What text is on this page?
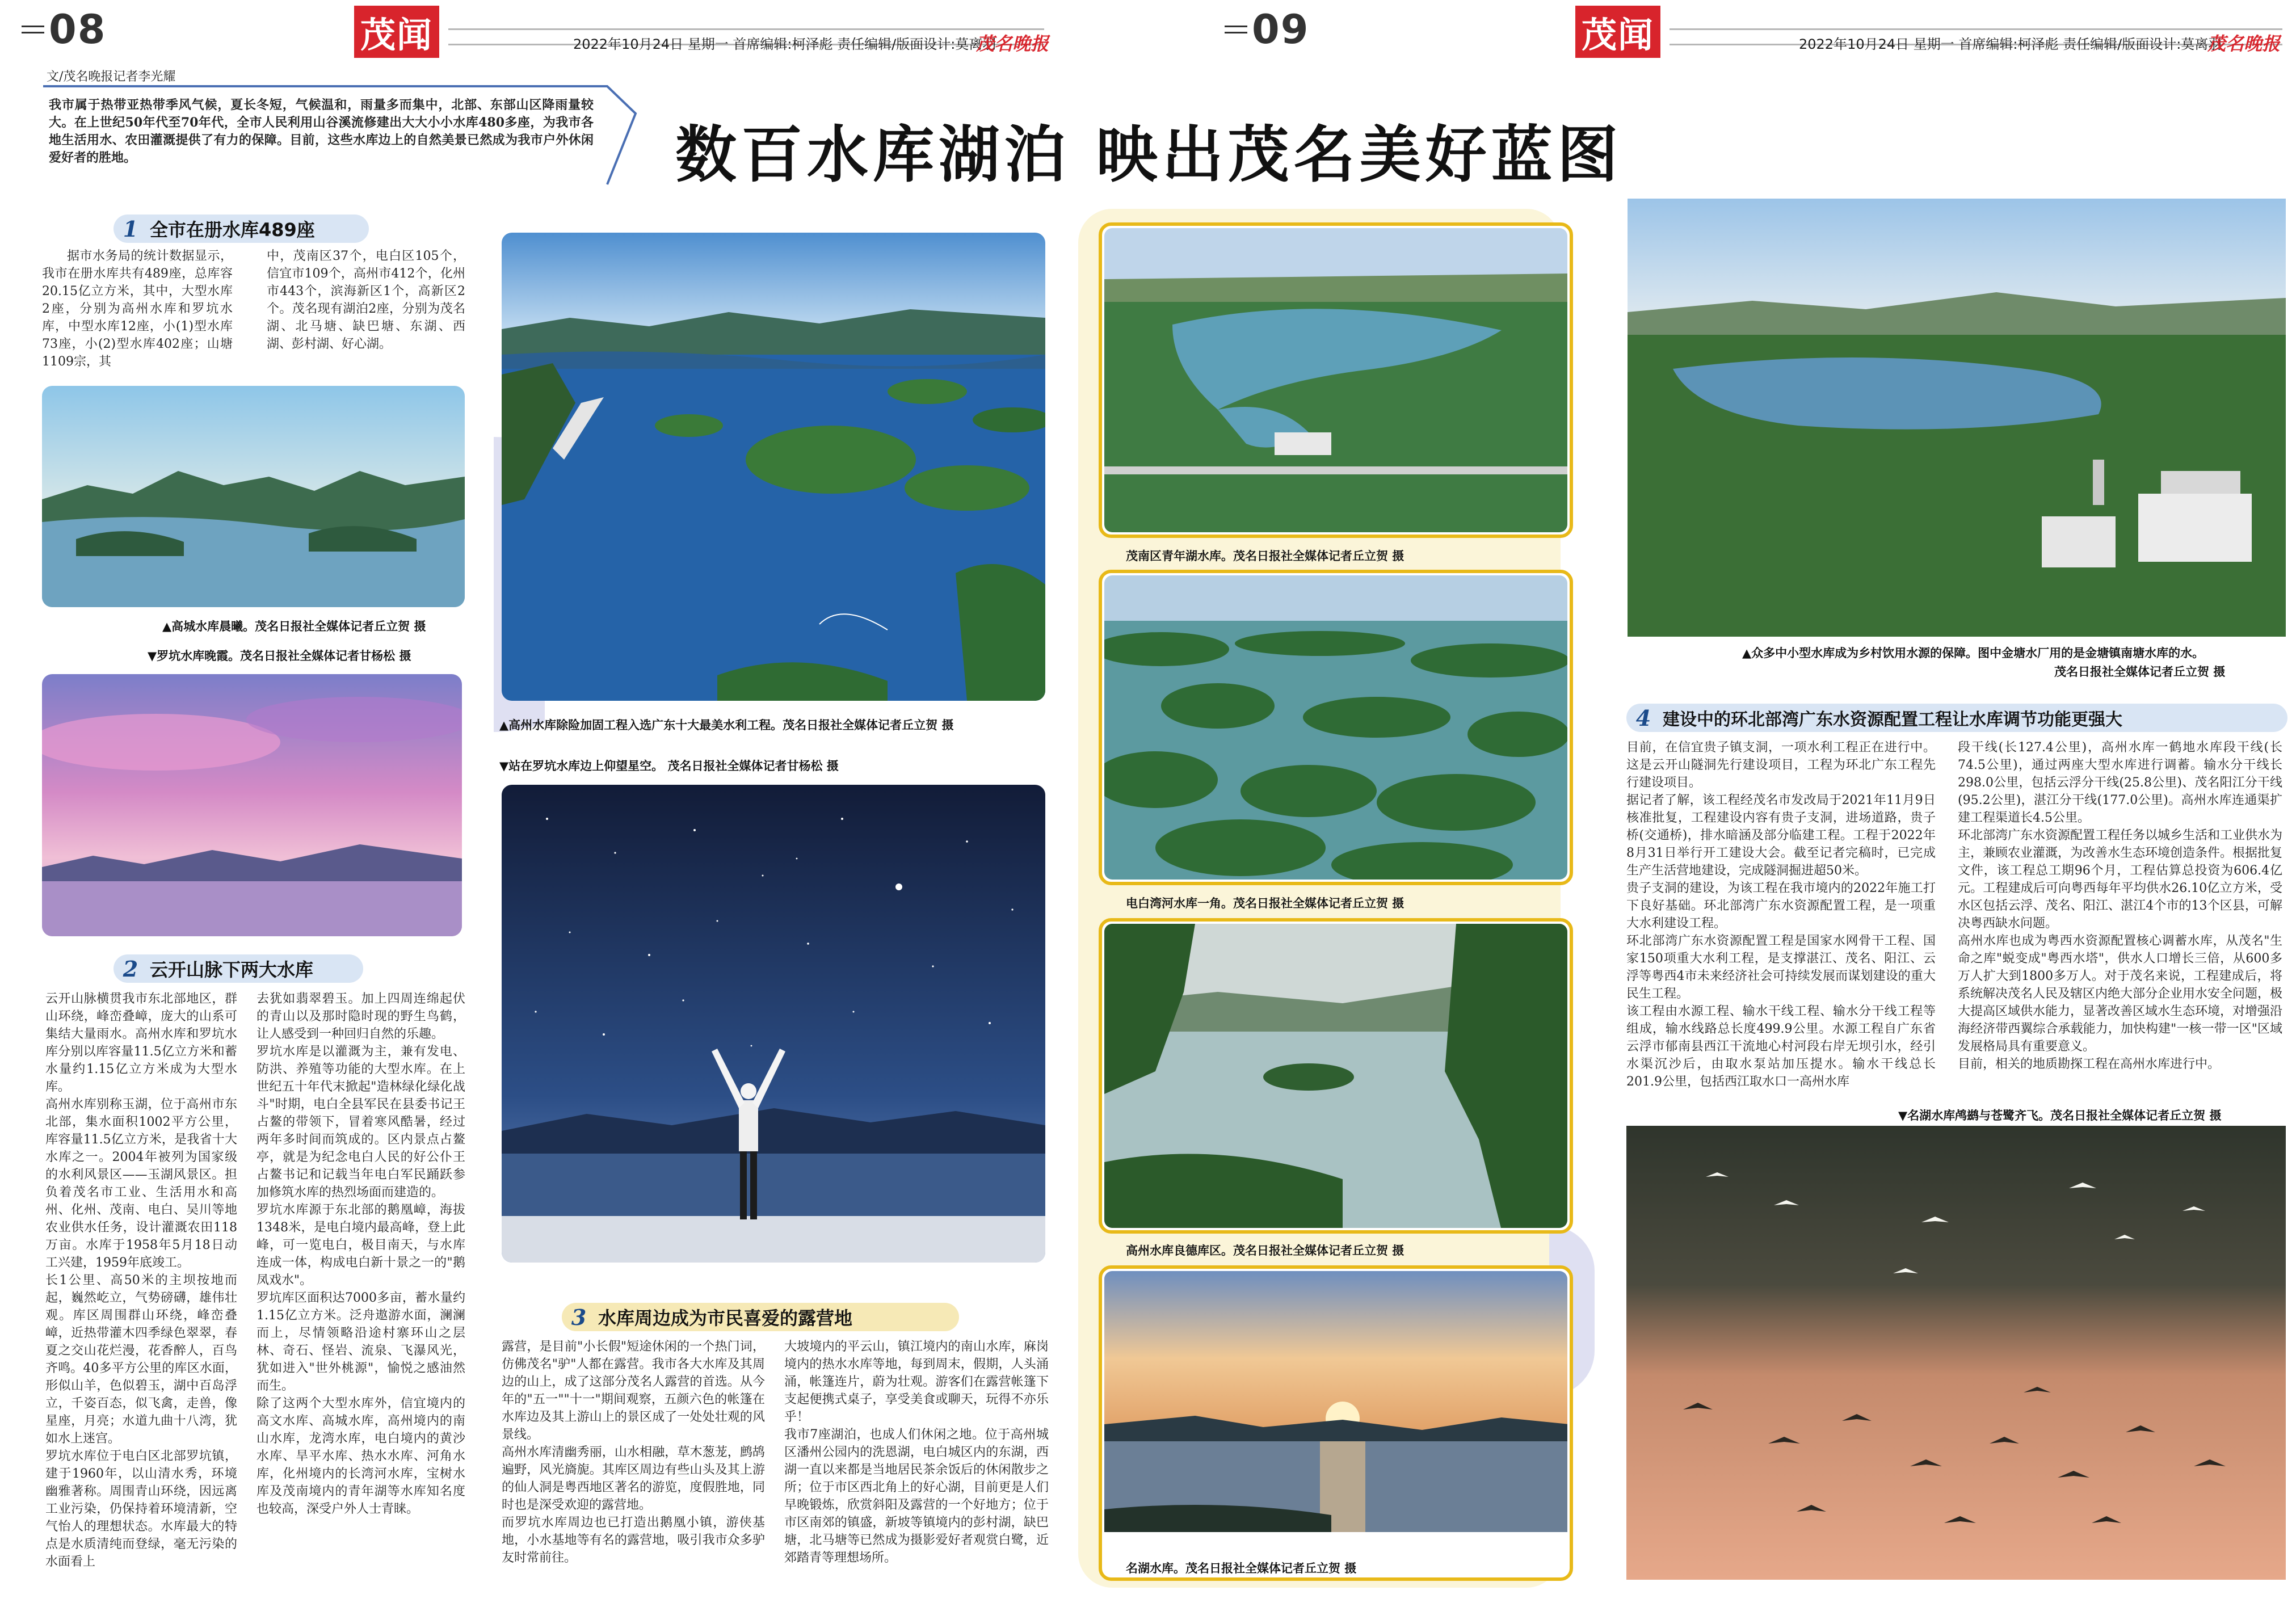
08	茂闻	2022年10月24日 星期一 首席编辑:柯泽彪 责任编辑/版面设计:莫离羽
茂名晚报	09	茂闻	2022年10月24日 星期一 首席编辑:柯泽彪 责任编辑/版面设计:莫离羽
茂名晚报
文/茂名晚报记者李光耀
我市属于热带亚热带季风气候，夏长冬短，气候温和，雨量多而集中，北部、东部山区降雨量较大。在上世纪50年代至70年代，全市人民利用山谷溪流修建出大大小小水库480多座，为我市各地生活用水、农田灌溉提供了有力的保障。目前，这些水库边上的自然美景已然成为我市户外休闲爱好者的胜地。	数百水库湖泊 映出茂名美好蓝图
1 全市在册水库489座
据市水务局的统计数据显示，我市在册水库共有489座，总库容20.15亿立方米，其中，大型水库2座，分别为高州水库和罗坑水库，中型水库12座，小(1)型水库73座，小(2)型水库402座；山塘1109宗，其
中，茂南区37个，电白区105个，信宜市109个，高州市412个，化州市443个，滨海新区1个，高新区2个。茂名现有湖泊2座，分别为茂名湖、北马塘、缺巴塘、东湖、西湖、彭村湖、好心湖。
▲高城水库晨曦。茂名日报社全媒体记者丘立贺 摄
▼罗坑水库晚霞。茂名日报社全媒体记者甘杨松 摄
2 云开山脉下两大水库
云开山脉横贯我市东北部地区，群山环绕，峰峦叠嶂，庞大的山系可集结大量雨水。高州水库和罗坑水库分别以库容量11.5亿立方米和蓄水量约1.15亿立方米成为大型水库。
高州水库别称玉湖，位于高州市东北部，集水面积1002平方公里，库容量11.5亿立方米，是我省十大水库之一。2004年被列为国家级的水利风景区——玉湖风景区。担负着茂名市工业、生活用水和高州、化州、茂南、电白、吴川等地农业供水任务，设计灌溉农田118万亩。水库于1958年5月18日动工兴建，1959年底竣工。
长1公里、高50米的主坝按地而起，巍然屹立，气势磅礴，雄伟壮观。库区周围群山环绕，峰峦叠嶂，近热带灌木四季绿色翠翠，春夏之交山花烂漫，花香醉人，百鸟齐鸣。40多平方公里的库区水面，形似山羊，色似碧玉，湖中百岛浮立，千姿百态，似飞禽，走兽，像星座，月亮；水道九曲十八湾，犹如水上迷宫。
罗坑水库位于电白区北部罗坑镇，建于1960年，以山清水秀，环境幽雅著称。周围青山环绕，因远离工业污染，仍保持着环境清新，空气怡人的理想状态。水库最大的特点是水质清纯而登绿，毫无污染的水面看上
去犹如翡翠碧玉。加上四周连绵起伏的青山以及那时隐时现的野生鸟鹤，让人感受到一种回归自然的乐趣。
罗坑水库是以灌溉为主，兼有发电、防洪、养殖等功能的大型水库。在上世纪五十年代末掀起"造林绿化绿化战斗"时期，电白全县军民在县委书记王占鳌的带领下，冒着寒风酷暑，经过两年多时间而筑成的。区内景点占鳌亭，就是为纪念电白人民的好公仆王占鳌书记和记载当年电白军民踊跃参加修筑水库的热烈场面而建造的。
罗坑水库源于东北部的鹅凰嶂，海拔1348米，是电白境内最高峰，登上此峰，可一览电白，极目南天，与水库连成一体，构成电白新十景之一的"鹅凤戏水"。
罗坑库区面积达7000多亩，蓄水量约1.15亿立方米。泛舟遨游水面，澜澜而上，尽情领略沿途村寨环山之层林、奇石、怪岩、流泉、飞瀑风光，犹如进入"世外桃源"，愉悦之感油然而生。
除了这两个大型水库外，信宜境内的高文水库、高城水库，高州境内的南山水库，龙湾水库，电白境内的黄沙水库、旱平水库、热水水库、河角水库，化州境内的长湾河水库，宝树水库及茂南境内的青年湖等水库知名度也较高，深受户外人士青睐。
▲高州水库除险加固工程入选广东十大最美水利工程。茂名日报社全媒体记者丘立贺 摄
▼站在罗坑水库边上仰望星空。 茂名日报社全媒体记者甘杨松 摄
3 水库周边成为市民喜爱的露营地
露营，是目前"小长假"短途休闲的一个热门词，仿佛茂名"驴"人都在露营。我市各大水库及其周边的山上，成了这部分茂名人露营的首选。从今年的"五一""十一"期间观察，五颜六色的帐篷在水库边及其上游山上的景区成了一处处壮观的风景线。
高州水库清幽秀丽，山水相融，草木葱茏，鹧鸪遍野，风光旖旎。其库区周边有些山头及其上游的仙人洞是粤西地区著名的游览，度假胜地，同时也是深受欢迎的露营地。
而罗坑水库周边也已打造出鹅凰小镇，游侠基地，小水基地等有名的露营地，吸引我市众多驴友时常前往。
大坡境内的平云山，镇江境内的南山水库，麻岗境内的热水水库等地，每到周末，假期，人头涌涌，帐篷连片，蔚为壮观。游客们在露营帐篷下支起便携式桌子，享受美食或聊天，玩得不亦乐乎！
我市7座湖泊，也成人们休闲之地。位于高州城区潘州公园内的洗恩湖，电白城区内的东湖，西湖一直以来都是当地居民茶余饭后的休闲散步之所；位于市区西北角上的好心湖，目前更是人们早晚锻炼，欣赏斜阳及露营的一个好地方；位于市区南郊的镇盛，新坡等镇境内的彭村湖，缺巴塘，北马塘等已然成为摄影爱好者观赏白鹭，近郊踏青等理想场所。
茂南区青年湖水库。茂名日报社全媒体记者丘立贺 摄
电白湾河水库一角。茂名日报社全媒体记者丘立贺 摄
高州水库良德库区。茂名日报社全媒体记者丘立贺 摄
名湖水库。茂名日报社全媒体记者丘立贺 摄
▲众多中小型水库成为乡村饮用水源的保障。图中金塘水厂用的是金塘镇南塘水库的水。
茂名日报社全媒体记者丘立贺 摄
4 建设中的环北部湾广东水资源配置工程让水库调节功能更强大
目前，在信宜贵子镇支洞，一项水利工程正在进行中。这是云开山隧洞先行建设项目，工程为环北广东工程先行建设项目。
据记者了解，该工程经茂名市发改局于2021年11月9日核准批复，工程建设内容有贵子支洞，进场道路，贵子桥(交通桥)，排水暗涵及部分临建工程。工程于2022年8月31日举行开工建设大会。截至记者完稿时，已完成生产生活营地建设，完成隧洞掘进超50米。
贵子支洞的建设，为该工程在我市境内的2022年施工打下良好基础。环北部湾广东水资源配置工程，是一项重大水利建设工程。
环北部湾广东水资源配置工程是国家水网骨干工程、国家150项重大水利工程，是支撑湛江、茂名、阳江、云浮等粤西4市未来经济社会可持续发展而谋划建设的重大民生工程。
该工程由水源工程、输水干线工程、输水分干线工程等组成，输水线路总长度499.9公里。水源工程自广东省云浮市郁南县西江干流地心村河段右岸无坝引水，经引水渠沉沙后，由取水泵站加压提水。输水干线总长201.9公里，包括西江取水口一高州水库
段干线(长127.4公里)，高州水库一鹤地水库段干线(长74.5公里)，通过两座大型水库进行调蓄。输水分干线长298.0公里，包括云浮分干线(25.8公里)、茂名阳江分干线(95.2公里)，湛江分干线(177.0公里)。高州水库连通渠扩建工程渠道长4.5公里。
环北部湾广东水资源配置工程任务以城乡生活和工业供水为主，兼顾农业灌溉，为改善水生态环境创造条件。根据批复文件，该工程总工期96个月，工程估算总投资为606.4亿元。工程建成后可向粤西每年平均供水26.10亿立方米，受水区包括云浮、茂名、阳江、湛江4个市的13个区县，可解决粤西缺水问题。
高州水库也成为粤西水资源配置核心调蓄水库，从茂名"生命之库"蜕变成"粤西水塔"，供水人口增长三倍，从600多万人扩大到1800多万人。对于茂名来说，工程建成后，将系统解决茂名人民及辖区内绝大部分企业用水安全问题，极大提高区域供水能力，显著改善区域水生态环境，对增强沿海经济带西翼综合承载能力，加快构建"一核一带一区"区域发展格局具有重要意义。
目前，相关的地质勘探工程在高州水库进行中。
▼名湖水库鸬鹚与苍鹭齐飞。茂名日报社全媒体记者丘立贺 摄
